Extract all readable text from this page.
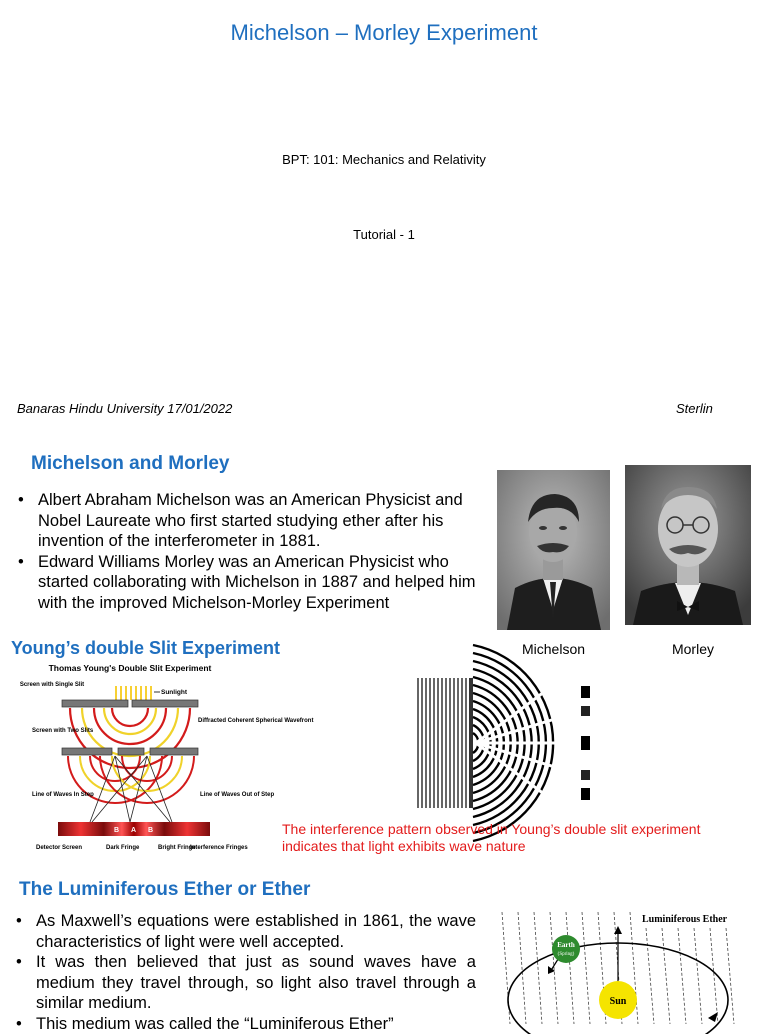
Michelson – Morley Experiment
BPT: 101: Mechanics and Relativity
Tutorial - 1
Banaras Hindu University 17/01/2022	Sterlin
Michelson and Morley
• Albert Abraham Michelson was an American Physicist and Nobel Laureate who first started studying ether after his invention of the interferometer in 1881.
• Edward Williams Morley was an American Physicist who started collaborating with Michelson in 1887 and helped him with the improved Michelson-Morley Experiment
Michelson	Morley
Young’s double Slit Experiment
Thomas Young's Double Slit Experiment
Sunlight
Screen with Single Slit
Diffracted Coherent Spherical Wavefront
Screen with Two Slits
Line of Waves In Step	Line of Waves Out of Step
B A B
Detector Screen	Dark Fringe	Bright Fringe
Interference Fringes
The interference pattern observed in Young’s double slit experiment indicates that light exhibits wave nature
The Luminiferous Ether or Ether
• As Maxwell’s equations were established in 1861, the wave characteristics of light were well accepted.
• It was then believed that just as sound waves have a medium they travel through, so light also travel through a similar medium.
• This medium was called the “Luminiferous Ether”
Luminiferous Ether
Earth
(Spring)
Sun
